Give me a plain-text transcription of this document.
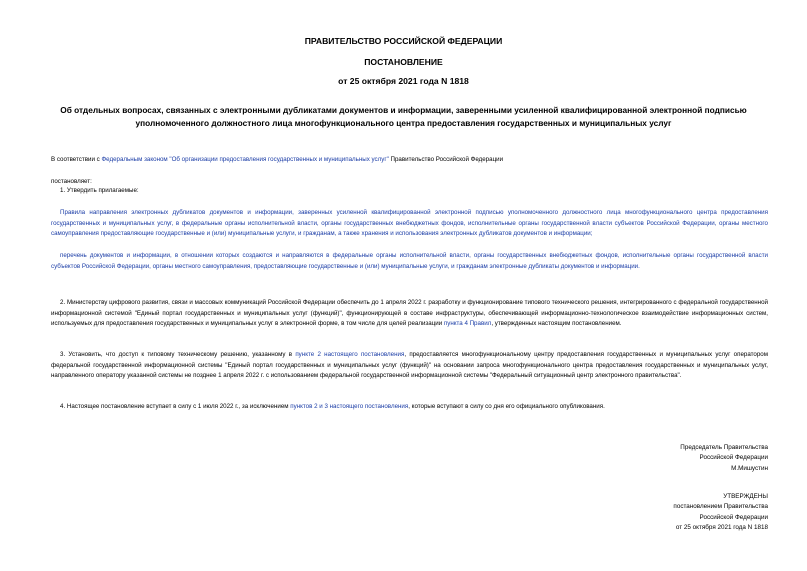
ПРАВИТЕЛЬСТВО РОССИЙСКОЙ ФЕДЕРАЦИИ
ПОСТАНОВЛЕНИЕ
от 25 октября 2021 года N 1818
Об отдельных вопросах, связанных с электронными дубликатами документов и информации, заверенными усиленной квалифицированной электронной подписью уполномоченного должностного лица многофункционального центра предоставления государственных и муниципальных услуг

В соответствии с Федеральным законом "Об организации предоставления государственных и муниципальных услуг" Правительство Российской Федерации

постановляет:

1. Утвердить прилагаемые:

Правила направления электронных дубликатов документов и информации, заверенных усиленной квалифицированной электронной подписью уполномоченного должностного лица многофункционального центра предоставления государственных и муниципальных услуг, в федеральные органы исполнительной власти, органы государственных внебюджетных фондов, исполнительные органы государственной власти субъектов Российской Федерации, органы местного самоуправления предоставляющие государственные и (или) муниципальные услуги, и гражданам, а также хранения и использования электронных дубликатов документов и информации;

перечень документов и информации, в отношении которых создаются и направляются в федеральные органы исполнительной власти, органы государственных внебюджетных фондов, исполнительные органы государственной власти субъектов Российской Федерации, органы местного самоуправления, предоставляющие государственные и (или) муниципальные услуги, и гражданам электронные дубликаты документов и информации.

2. Министерству цифрового развития, связи и массовых коммуникаций Российской Федерации обеспечить до 1 апреля 2022 г. разработку и функционирование типового технического решения, интегрированного с федеральной государственной информационной системой "Единый портал государственных и муниципальных услуг (функций)", функционирующей в составе инфраструктуры, обеспечивающей информационно-технологическое взаимодействие информационных систем, используемых для предоставления государственных и муниципальных услуг в электронной форме, в том числе для целей реализации пункта 4 Правил, утвержденных настоящим постановлением.

3. Установить, что доступ к типовому техническому решению, указанному в пункте 2 настоящего постановления, предоставляется многофункциональному центру предоставления государственных и муниципальных услуг оператором федеральной государственной информационной системы "Единый портал государственных и муниципальных услуг (функций)" на основании запроса многофункционального центра предоставления государственных и муниципальных услуг, направленного оператору указанной системы не позднее 1 апреля 2022 г. с использованием федеральной государственной информационной системы "Федеральный ситуационный центр электронного правительства".

4. Настоящее постановление вступает в силу с 1 июля 2022 г., за исключением пунктов 2 и 3 настоящего постановления, которые вступают в силу со дня его официального опубликования.

Председатель Правительства
Российской Федерации
М.Мишустин
УТВЕРЖДЕНЫ
постановлением Правительства
Российской Федерации
от 25 октября 2021 года N 1818
